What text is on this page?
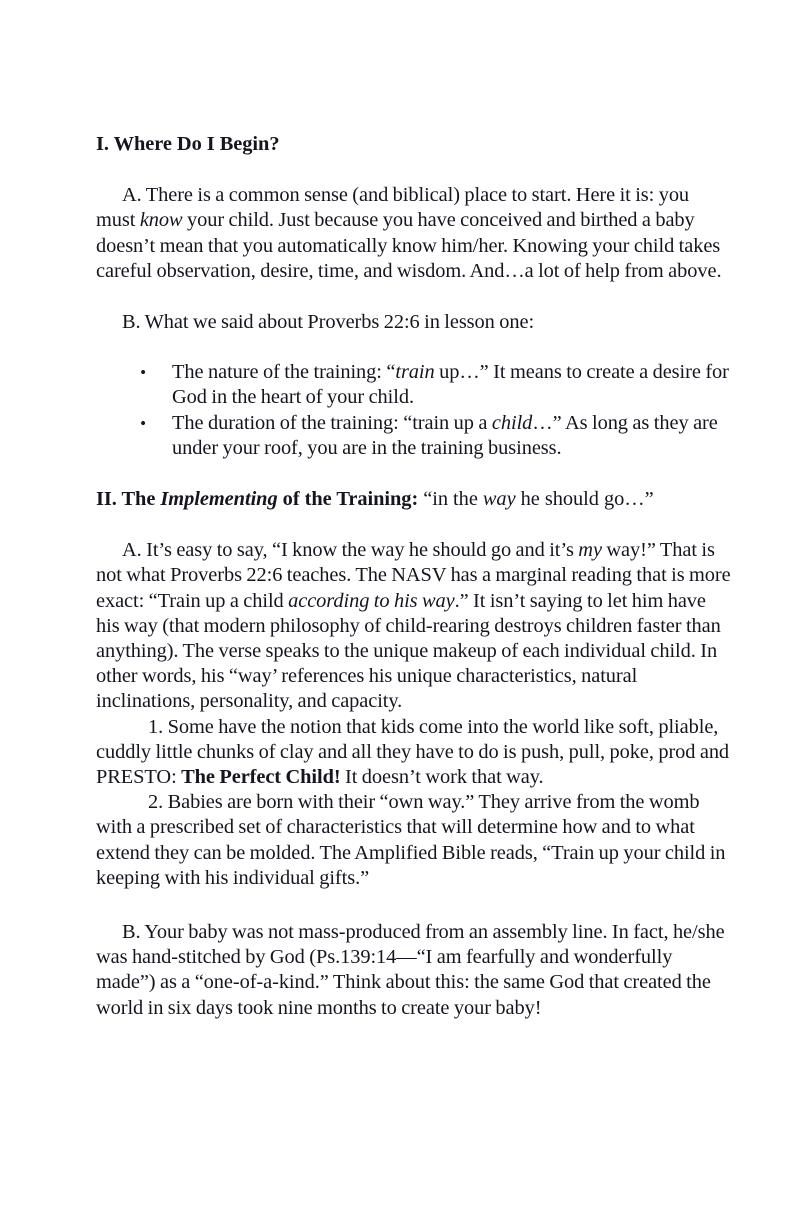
I. Where Do I Begin?

A. There is a common sense (and biblical) place to start. Here it is: you must know your child. Just because you have conceived and birthed a baby doesn’t mean that you automatically know him/her. Knowing your child takes careful observation, desire, time, and wisdom. And…a lot of help from above.

B. What we said about Proverbs 22:6 in lesson one:

• The nature of the training: “train up…” It means to create a desire for God in the heart of your child.
• The duration of the training: “train up a child…” As long as they are under your roof, you are in the training business.
II. The Implementing of the Training: “in the way he should go…”

A. It’s easy to say, “I know the way he should go and it’s my way!” That is not what Proverbs 22:6 teaches. The NASV has a marginal reading that is more exact: “Train up a child according to his way.” It isn’t saying to let him have his way (that modern philosophy of child-rearing destroys children faster than anything). The verse speaks to the unique makeup of each individual child. In other words, his “way’ references his unique characteristics, natural inclinations, personality, and capacity.

1. Some have the notion that kids come into the world like soft, pliable, cuddly little chunks of clay and all they have to do is push, pull, poke, prod and PRESTO: The Perfect Child! It doesn’t work that way.

2. Babies are born with their “own way.” They arrive from the womb with a prescribed set of characteristics that will determine how and to what extend they can be molded. The Amplified Bible reads, “Train up your child in keeping with his individual gifts.”

B. Your baby was not mass-produced from an assembly line. In fact, he/she was hand-stitched by God (Ps.139:14—“I am fearfully and wonderfully made”) as a “one-of-a-kind.” Think about this: the same God that created the world in six days took nine months to create your baby!
